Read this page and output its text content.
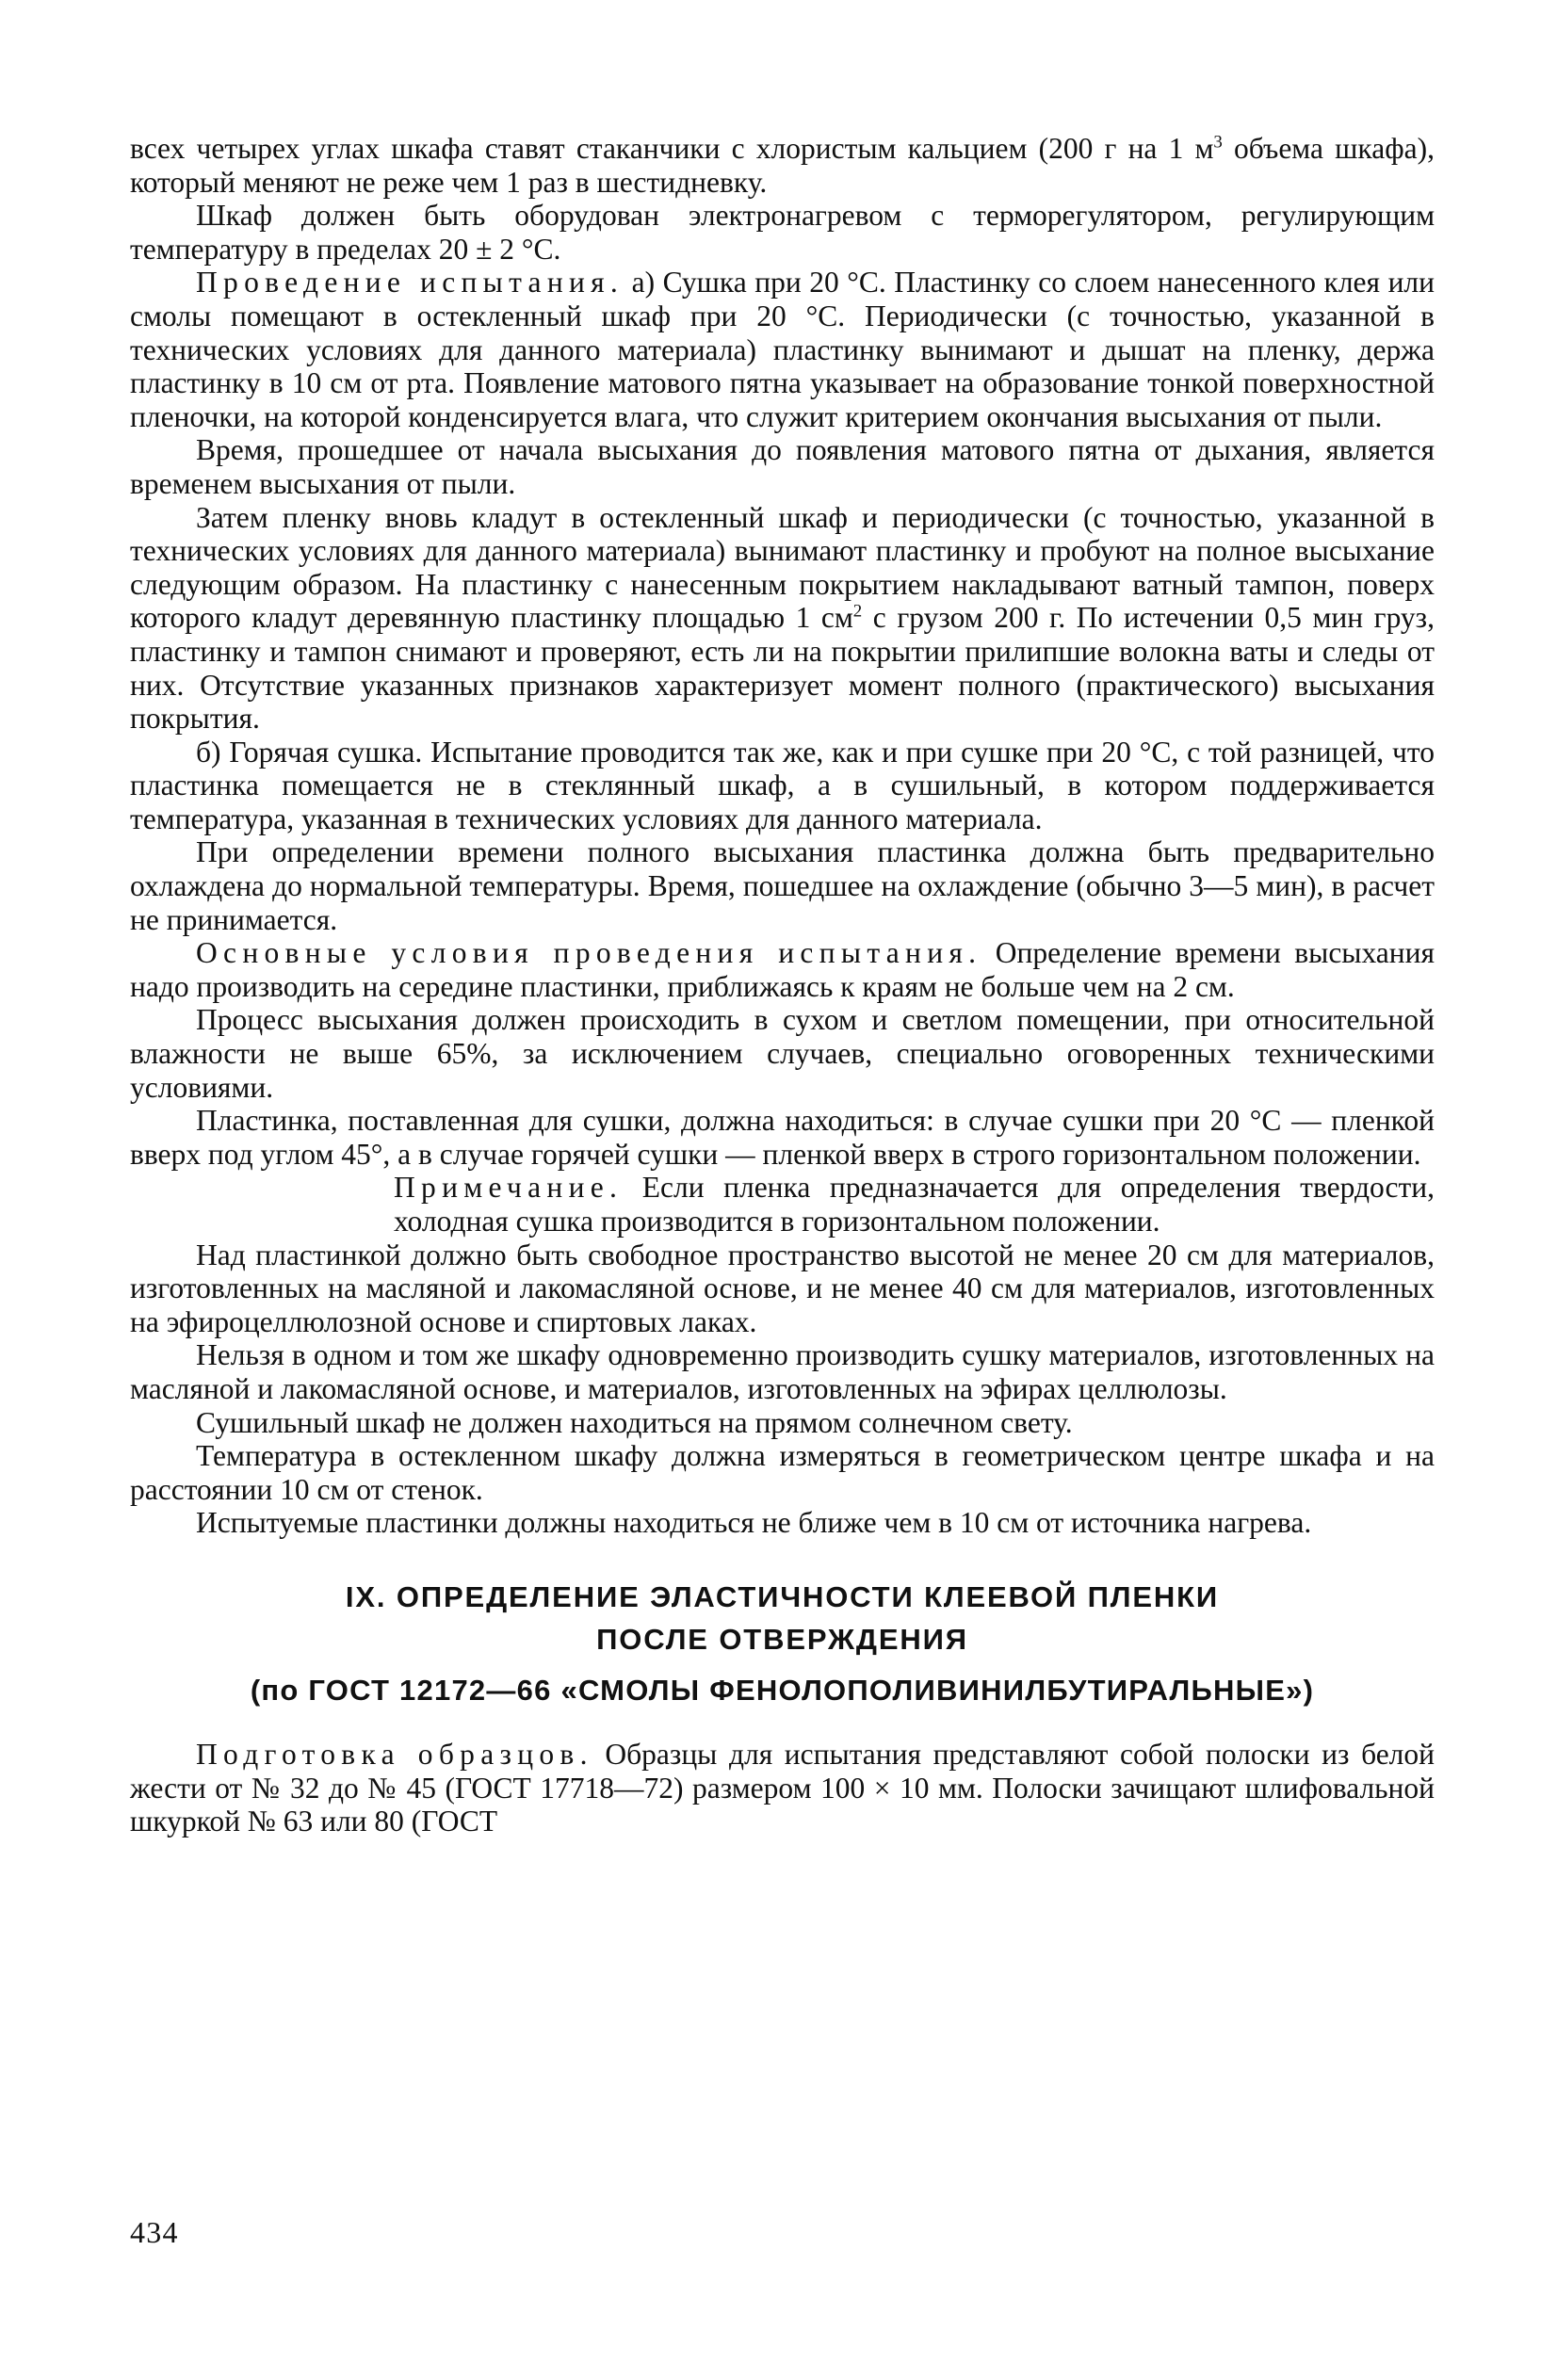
всех четырех углах шкафа ставят стаканчики с хлористым кальцием (200 г на 1 $м^3$ объема шкафа), который меняют не реже чем 1 раз в шестидневку.

Шкаф должен быть оборудован электронагревом с терморегулятором, регулирующим температуру в пределах 20 ± 2 °С.

Проведение испытания. а) Сушка при 20 °С. Пластинку со слоем нанесенного клея или смолы помещают в остекленный шкаф при 20 °С. Периодически (с точностью, указанной в технических условиях для данного материала) пластинку вынимают и дышат на пленку, держа пластинку в 10 см от рта. Появление матового пятна указывает на образование тонкой поверхностной пленочки, на которой конденсируется влага, что служит критерием окончания высыхания от пыли.

Время, прошедшее от начала высыхания до появления матового пятна от дыхания, является временем высыхания от пыли.

Затем пленку вновь кладут в остекленный шкаф и периодически (с точностью, указанной в технических условиях для данного материала) вынимают пластинку и пробуют на полное высыхание следующим образом. На пластинку с нанесенным покрытием накладывают ватный тампон, поверх которого кладут деревянную пластинку площадью 1 $см^2$ с грузом 200 г. По истечении 0,5 мин груз, пластинку и тампон снимают и проверяют, есть ли на покрытии прилипшие волокна ваты и следы от них. Отсутствие указанных признаков характеризует момент полного (практического) высыхания покрытия.

б) Горячая сушка. Испытание проводится так же, как и при сушке при 20 °С, с той разницей, что пластинка помещается не в стеклянный шкаф, а в сушильный, в котором поддерживается температура, указанная в технических условиях для данного материала.

При определении времени полного высыхания пластинка должна быть предварительно охлаждена до нормальной температуры. Время, пошедшее на охлаждение (обычно 3—5 мин), в расчет не принимается.

Основные условия проведения испытания. Определение времени высыхания надо производить на середине пластинки, приближаясь к краям не больше чем на 2 см.

Процесс высыхания должен происходить в сухом и светлом помещении, при относительной влажности не выше 65%, за исключением случаев, специально оговоренных техническими условиями.

Пластинка, поставленная для сушки, должна находиться: в случае сушки при 20 °С — пленкой вверх под углом 45°, а в случае горячей сушки — пленкой вверх в строго горизонтальном положении.

Примечание. Если пленка предназначается для определения твердости, холодная сушка производится в горизонтальном положении.

Над пластинкой должно быть свободное пространство высотой не менее 20 см для материалов, изготовленных на масляной и лакомасляной основе, и не менее 40 см для материалов, изготовленных на эфироцеллюлозной основе и спиртовых лаках.

Нельзя в одном и том же шкафу одновременно производить сушку материалов, изготовленных на масляной и лакомасляной основе, и материалов, изготовленных на эфирах целлюлозы.

Сушильный шкаф не должен находиться на прямом солнечном свету.

Температура в остекленном шкафу должна измеряться в геометрическом центре шкафа и на расстоянии 10 см от стенок.

Испытуемые пластинки должны находиться не ближе чем в 10 см от источника нагрева.

IX. ОПРЕДЕЛЕНИЕ ЭЛАСТИЧНОСТИ КЛЕЕВОЙ ПЛЕНКИ
ПОСЛЕ ОТВЕРЖДЕНИЯ
(по ГОСТ 12172—66 «СМОЛЫ ФЕНОЛОПОЛИВИНИЛБУТИРАЛЬНЫЕ»)

Подготовка образцов. Образцы для испытания представляют собой полоски из белой жести от № 32 до № 45 (ГОСТ 17718—72) размером 100 × 10 мм. Полоски зачищают шлифовальной шкуркой № 63 или 80 (ГОСТ

434
